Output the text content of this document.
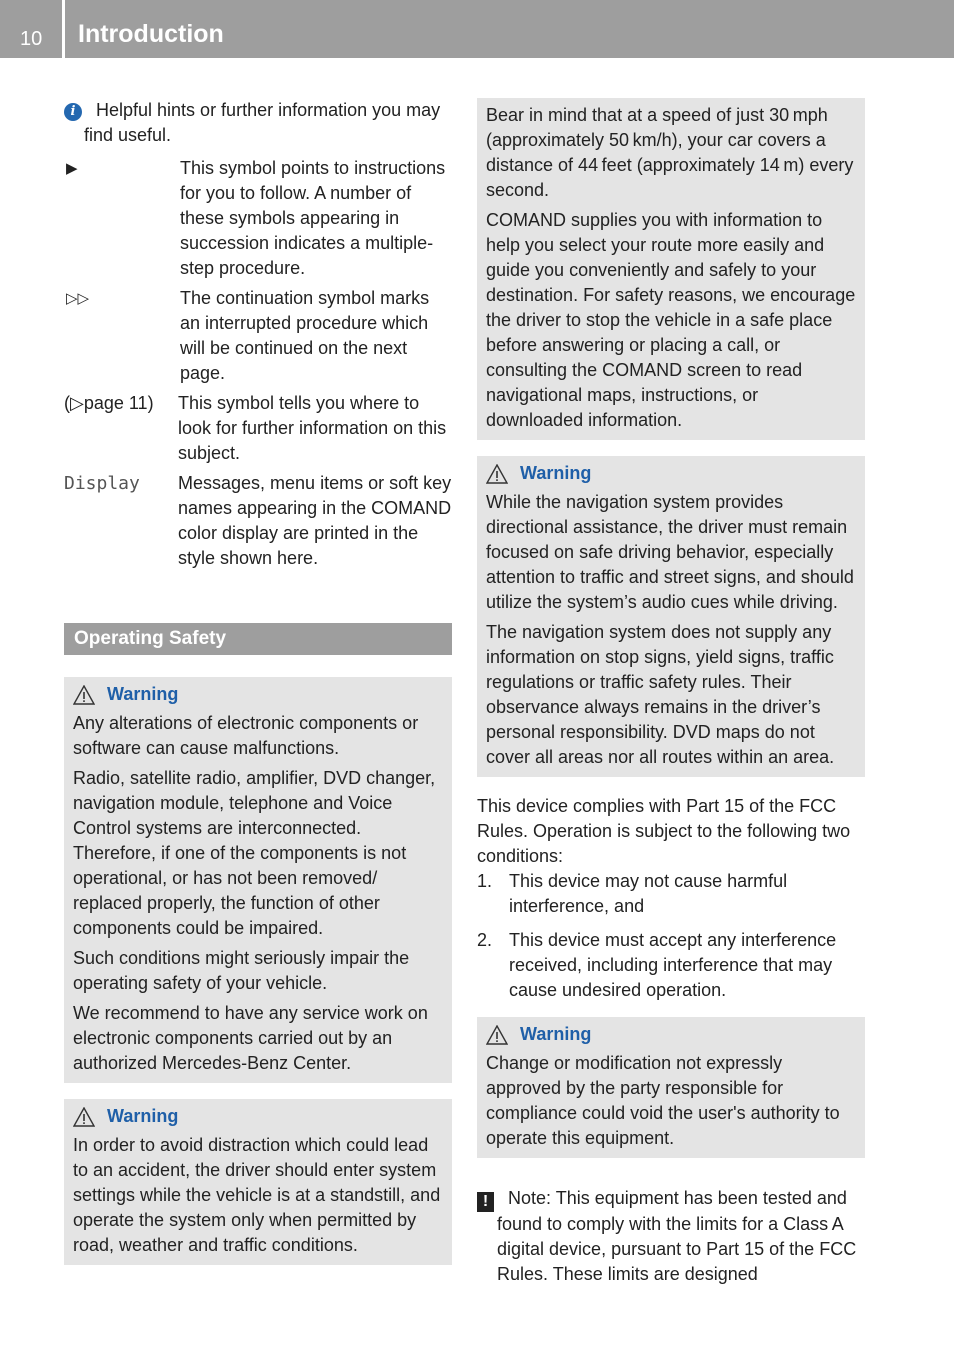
10 Introduction
i Helpful hints or further information you may find useful.
▶	This symbol points to instructions for you to follow. A number of these symbols appearing in succession indicates a multiple-step procedure.
▷▷	The continuation symbol marks an interrupted procedure which will be continued on the next page.
(▷page 11)	This symbol tells you where to look for further information on this subject.
Display	Messages, menu items or soft key names appearing in the COMAND color display are printed in the style shown here.
Operating Safety
Warning

Any alterations of electronic components or software can cause malfunctions.

Radio, satellite radio, amplifier, DVD changer, navigation module, telephone and Voice Control systems are interconnected. Therefore, if one of the components is not operational, or has not been removed/ replaced properly, the function of other components could be impaired.

Such conditions might seriously impair the operating safety of your vehicle.

We recommend to have any service work on electronic components carried out by an authorized Mercedes-Benz Center.

Warning

In order to avoid distraction which could lead to an accident, the driver should enter system settings while the vehicle is at a standstill, and operate the system only when permitted by road, weather and traffic conditions.

Bear in mind that at a speed of just 30 mph (approximately 50 km/h), your car covers a distance of 44 feet (approximately 14 m) every second.

COMAND supplies you with information to help you select your route more easily and guide you conveniently and safely to your destination. For safety reasons, we encourage the driver to stop the vehicle in a safe place before answering or placing a call, or consulting the COMAND screen to read navigational maps, instructions, or downloaded information.

Warning

While the navigation system provides directional assistance, the driver must remain focused on safe driving behavior, especially attention to traffic and street signs, and should utilize the system’s audio cues while driving.

The navigation system does not supply any information on stop signs, yield signs, traffic regulations or traffic safety rules. Their observance always remains in the driver’s personal responsibility. DVD maps do not cover all areas nor all routes within an area.

This device complies with Part 15 of the FCC Rules. Operation is subject to the following two conditions:

1. This device may not cause harmful interference, and
2. This device must accept any interference received, including interference that may cause undesired operation.
Warning

Change or modification not expressly approved by the party responsible for compliance could void the user's authority to operate this equipment.

! Note: This equipment has been tested and found to comply with the limits for a Class A digital device, pursuant to Part 15 of the FCC Rules. These limits are designed
